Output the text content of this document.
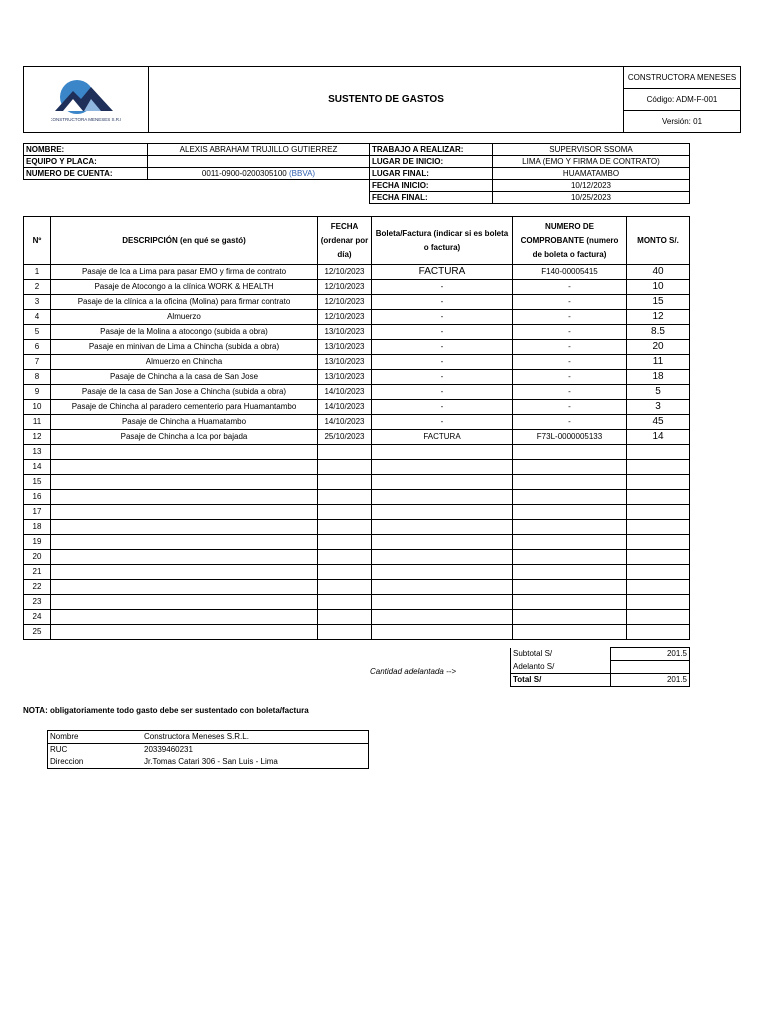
CONSTRUCTORA MENESES S.R.L
	SUSTENTO DE GASTOS	CONSTRUCTORA MENESES
Código: ADM-F-001
Versión: 01
NOMBRE:	ALEXIS ABRAHAM TRUJILLO GUTIERREZ	TRABAJO A REALIZAR:	SUPERVISOR SSOMA
EQUIPO Y PLACA:		LUGAR DE INICIO:	LIMA (EMO Y FIRMA DE CONTRATO)
NUMERO DE CUENTA:	0011-0900-0200305100 (BBVA)	LUGAR FINAL:	HUAMATAMBO
		FECHA INICIO:	10/12/2023
		FECHA FINAL:	10/25/2023
Nº	DESCRIPCIÓN (en qué se gastó)	FECHA (ordenar por día)	Boleta/Factura (indicar si es boleta o factura)	NUMERO DE COMPROBANTE (numero de boleta o factura)	MONTO S/.
1	Pasaje de Ica a Lima para pasar EMO y firma de contrato	12/10/2023	FACTURA	F140-00005415	40
2	Pasaje de Atocongo a la clínica WORK & HEALTH	12/10/2023	-	-	10
3	Pasaje de la clínica a la oficina (Molina) para firmar contrato	12/10/2023	-	-	15
4	Almuerzo	12/10/2023	-	-	12
5	Pasaje de la Molina a atocongo (subida a obra)	13/10/2023	-	-	8.5
6	Pasaje en minivan de Lima a Chincha (subida a obra)	13/10/2023	-	-	20
7	Almuerzo en Chincha	13/10/2023	-	-	11
8	Pasaje de Chincha a la casa de San Jose	13/10/2023	-	-	18
9	Pasaje de la casa de San Jose a Chincha (subida a obra)	14/10/2023	-	-	5
10	Pasaje de Chincha al paradero cementerio para Huamantambo	14/10/2023	-	-	3
11	Pasaje de Chincha a Huamatambo	14/10/2023	-	-	45
12	Pasaje de Chincha a Ica por bajada	25/10/2023	FACTURA	F73L-0000005133	14
13					
14					
15					
16					
17					
18					
19					
20					
21					
22					
23					
24					
25					
Cantidad adelantada -->
Subtotal S/	201.5
Adelanto S/	
Total S/	201.5
NOTA: obligatoriamente todo gasto debe ser sustentado con boleta/factura
Nombre	Constructora Meneses S.R.L.
RUC	20339460231
Direccion	Jr.Tomas Catari 306 - San Luis - Lima
